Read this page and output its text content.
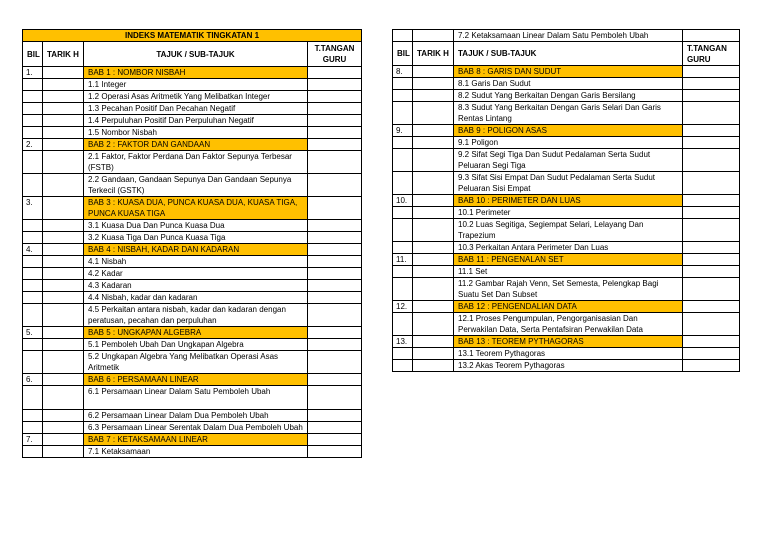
INDEKS MATEMATIK TINGKATAN 1			
BIL	TARIK H	TAJUK / SUB-TAJUK	T.TANGAN GURU
1.		BAB 1 : NOMBOR NISBAH	
		1.1 Integer	
		1.2 Operasi Asas Aritmetik Yang Melibatkan Integer	
		1.3 Pecahan Positif Dan Pecahan Negatif	
		1.4 Perpuluhan Positif Dan Perpuluhan Negatif	
		1.5 Nombor Nisbah	
2.		BAB 2 : FAKTOR DAN GANDAAN	
		2.1 Faktor, Faktor Perdana Dan Faktor Sepunya Terbesar (FSTB)	
		2.2 Gandaan, Gandaan Sepunya Dan Gandaan Sepunya Terkecil (GSTK)	
3.		BAB 3 : KUASA DUA, PUNCA KUASA DUA, KUASA TIGA, PUNCA KUASA TIGA	
		3.1 Kuasa Dua Dan Punca Kuasa Dua	
		3.2 Kuasa Tiga Dan Punca Kuasa Tiga	
4.		BAB 4 : NISBAH, KADAR DAN KADARAN	
		4.1 Nisbah	
		4.2 Kadar	
		4.3 Kadaran	
		4.4 Nisbah, kadar dan kadaran	
		4.5 Perkaitan antara nisbah, kadar dan kadaran dengan peratusan, pecahan dan perpuluhan	
5.		BAB 5 : UNGKAPAN ALGEBRA	
		5.1 Pemboleh Ubah Dan Ungkapan Algebra	
		5.2 Ungkapan Algebra Yang Melibatkan Operasi Asas Aritmetik	
6.		BAB 6 : PERSAMAAN LINEAR	
		6.1 Persamaan Linear Dalam Satu Pemboleh Ubah	
		6.2 Persamaan Linear Dalam Dua Pemboleh Ubah	
		6.3 Persamaan Linear Serentak Dalam Dua Pemboleh Ubah	
7.		BAB 7 : KETAKSAMAAN LINEAR	
		7.1 Ketaksamaan	
		7.2 Ketaksamaan Linear Dalam Satu Pemboleh Ubah	
BIL	TARIK H	TAJUK / SUB-TAJUK	T.TANGAN GURU
8.		BAB 8 : GARIS DAN SUDUT	
		8.1 Garis Dan Sudut	
		8.2 Sudut Yang Berkaitan Dengan Garis Bersilang	
		8.3 Sudut Yang Berkaitan Dengan Garis Selari Dan Garis Rentas Lintang	
9.		BAB 9 : POLIGON ASAS	
		9.1 Poligon	
		9.2 Sifat Segi Tiga Dan Sudut Pedalaman Serta Sudut Peluaran Segi Tiga	
		9.3 Sifat Sisi Empat Dan Sudut Pedalaman Serta Sudut Peluaran Sisi Empat	
10.		BAB 10 : PERIMETER DAN LUAS	
		10.1 Perimeter	
		10.2 Luas Segitiga, Segiempat Selari, Lelayang Dan Trapezium	
		10.3 Perkaitan Antara Perimeter Dan Luas	
11.		BAB 11 : PENGENALAN SET	
		11.1 Set	
		11.2 Gambar Rajah Venn, Set Semesta, Pelengkap Bagi Suatu Set Dan Subset	
12.		BAB 12 : PENGENDALIAN DATA	
		12.1 Proses Pengumpulan, Pengorganisasian Dan Perwakilan Data, Serta Pentafsiran Perwakilan Data	
13.		BAB 13 : TEOREM PYTHAGORAS	
		13.1 Teorem Pythagoras	
		13.2 Akas Teorem Pythagoras	
